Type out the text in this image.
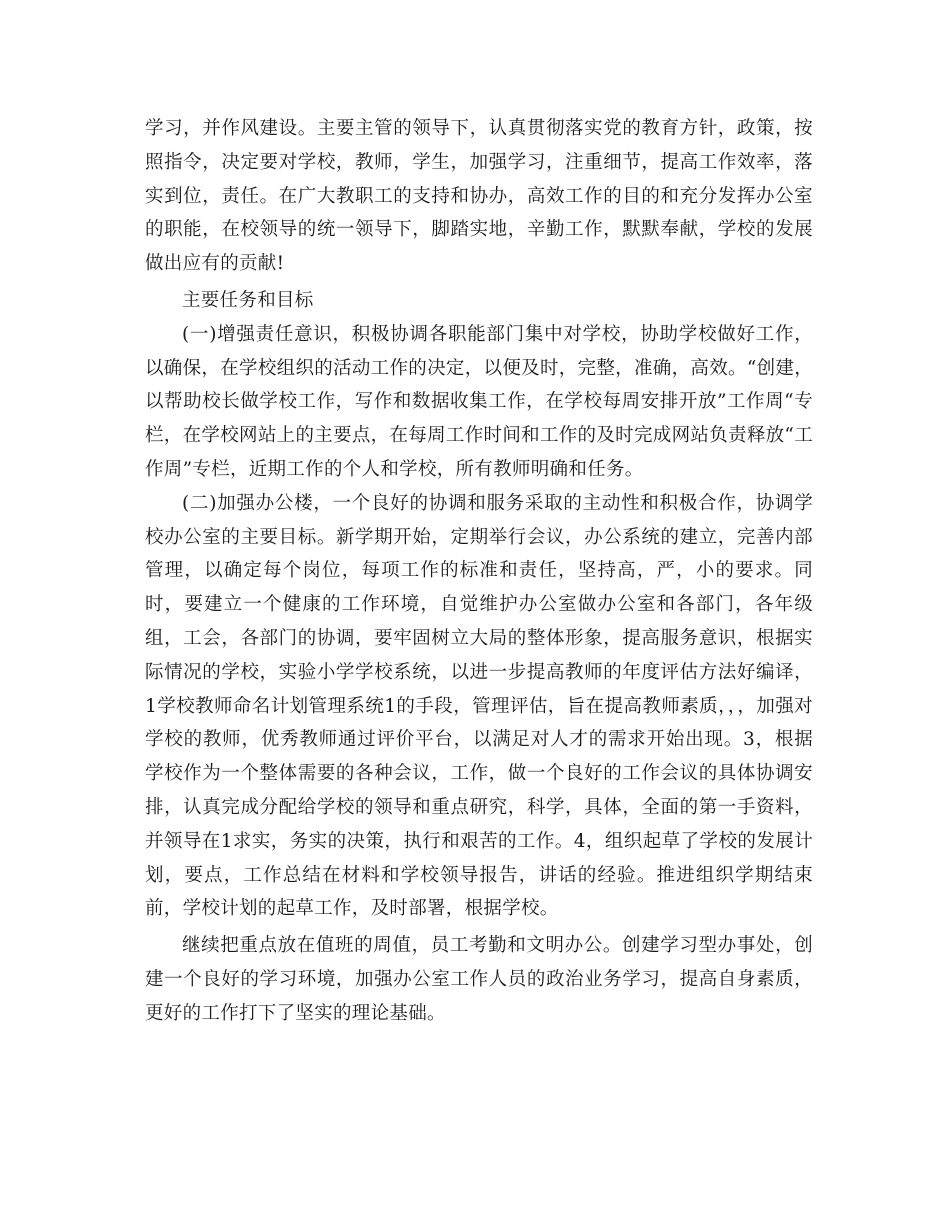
学习，并作风建设。主要主管的领导下，认真贯彻落实党的教育方针，政策，按照指令，决定要对学校，教师，学生，加强学习，注重细节，提高工作效率，落实到位，责任。在广大教职工的支持和协办，高效工作的目的和充分发挥办公室的职能，在校领导的统一领导下，脚踏实地，辛勤工作，默默奉献，学校的发展做出应有的贡献!

主要任务和目标

(一)增强责任意识，积极协调各职能部门集中对学校，协助学校做好工作，以确保，在学校组织的活动工作的决定，以便及时，完整，准确，高效。“创建，以帮助校长做学校工作，写作和数据收集工作，在学校每周安排开放”工作周“专栏，在学校网站上的主要点，在每周工作时间和工作的及时完成网站负责释放“工作周”专栏，近期工作的个人和学校，所有教师明确和任务。

(二)加强办公楼，一个良好的协调和服务采取的主动性和积极合作，协调学校办公室的主要目标。新学期开始，定期举行会议，办公系统的建立，完善内部管理，以确定每个岗位，每项工作的标准和责任，坚持高，严，小的要求。同时，要建立一个健康的工作环境，自觉维护办公室做办公室和各部门，各年级组，工会，各部门的协调，要牢固树立大局的整体形象，提高服务意识，根据实际情况的学校，实验小学学校系统，以进一步提高教师的年度评估方法好编译，1学校教师命名计划管理系统1的手段，管理评估，旨在提高教师素质，，，加强对学校的教师，优秀教师通过评价平台，以满足对人才的需求开始出现。3，根据学校作为一个整体需要的各种会议，工作，做一个良好的工作会议的具体协调安排，认真完成分配给学校的领导和重点研究，科学，具体，全面的第一手资料，并领导在1求实，务实的决策，执行和艰苦的工作。4，组织起草了学校的发展计划，要点，工作总结在材料和学校领导报告，讲话的经验。推进组织学期结束前，学校计划的起草工作，及时部署，根据学校。

继续把重点放在值班的周值，员工考勤和文明办公。创建学习型办事处，创建一个良好的学习环境，加强办公室工作人员的政治业务学习，提高自身素质，更好的工作打下了坚实的理论基础。
